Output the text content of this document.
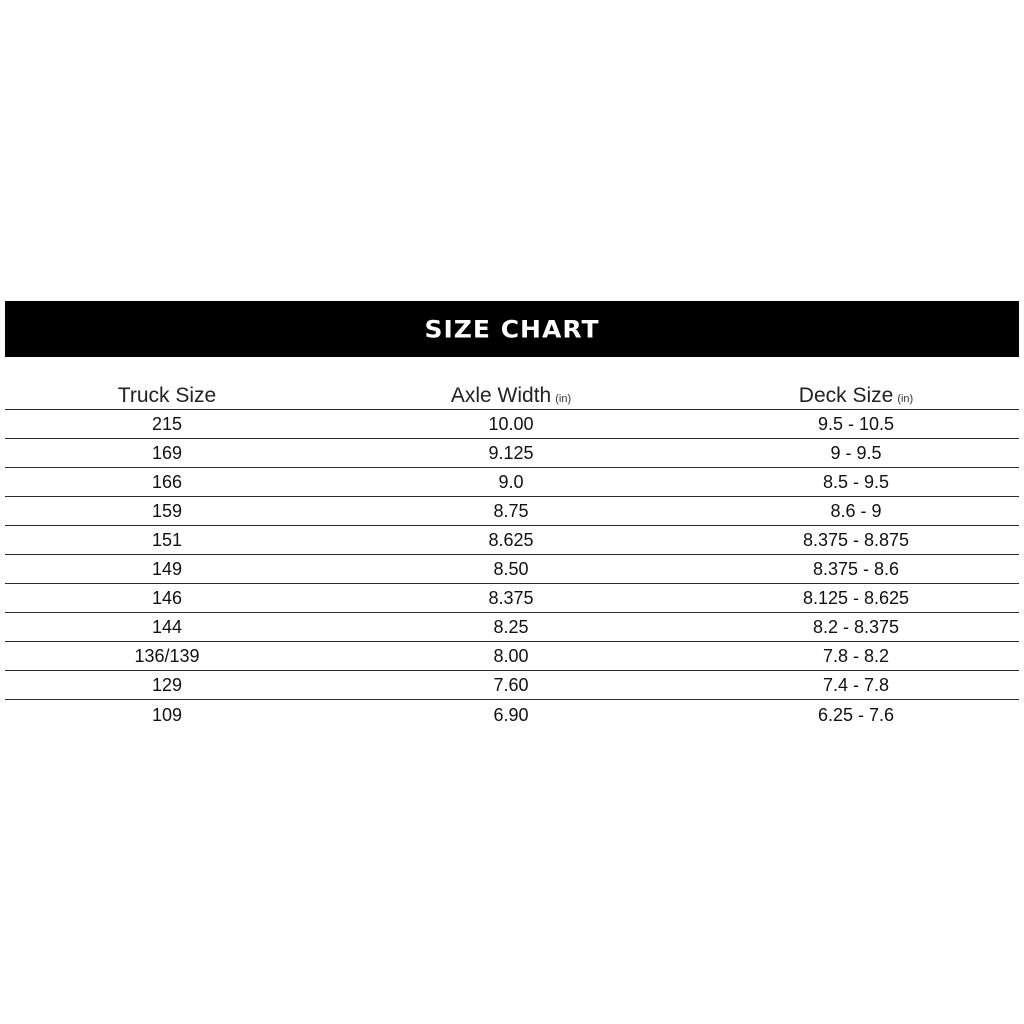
SIZE CHART
Truck Size	Axle Width (in)	Deck Size (in)
215	10.00	9.5 - 10.5
169	9.125	9 - 9.5
166	9.0	8.5 - 9.5
159	8.75	8.6 - 9
151	8.625	8.375 - 8.875
149	8.50	8.375 - 8.6
146	8.375	8.125 - 8.625
144	8.25	8.2 - 8.375
136/139	8.00	7.8 - 8.2
129	7.60	7.4 - 7.8
109	6.90	6.25 - 7.6
